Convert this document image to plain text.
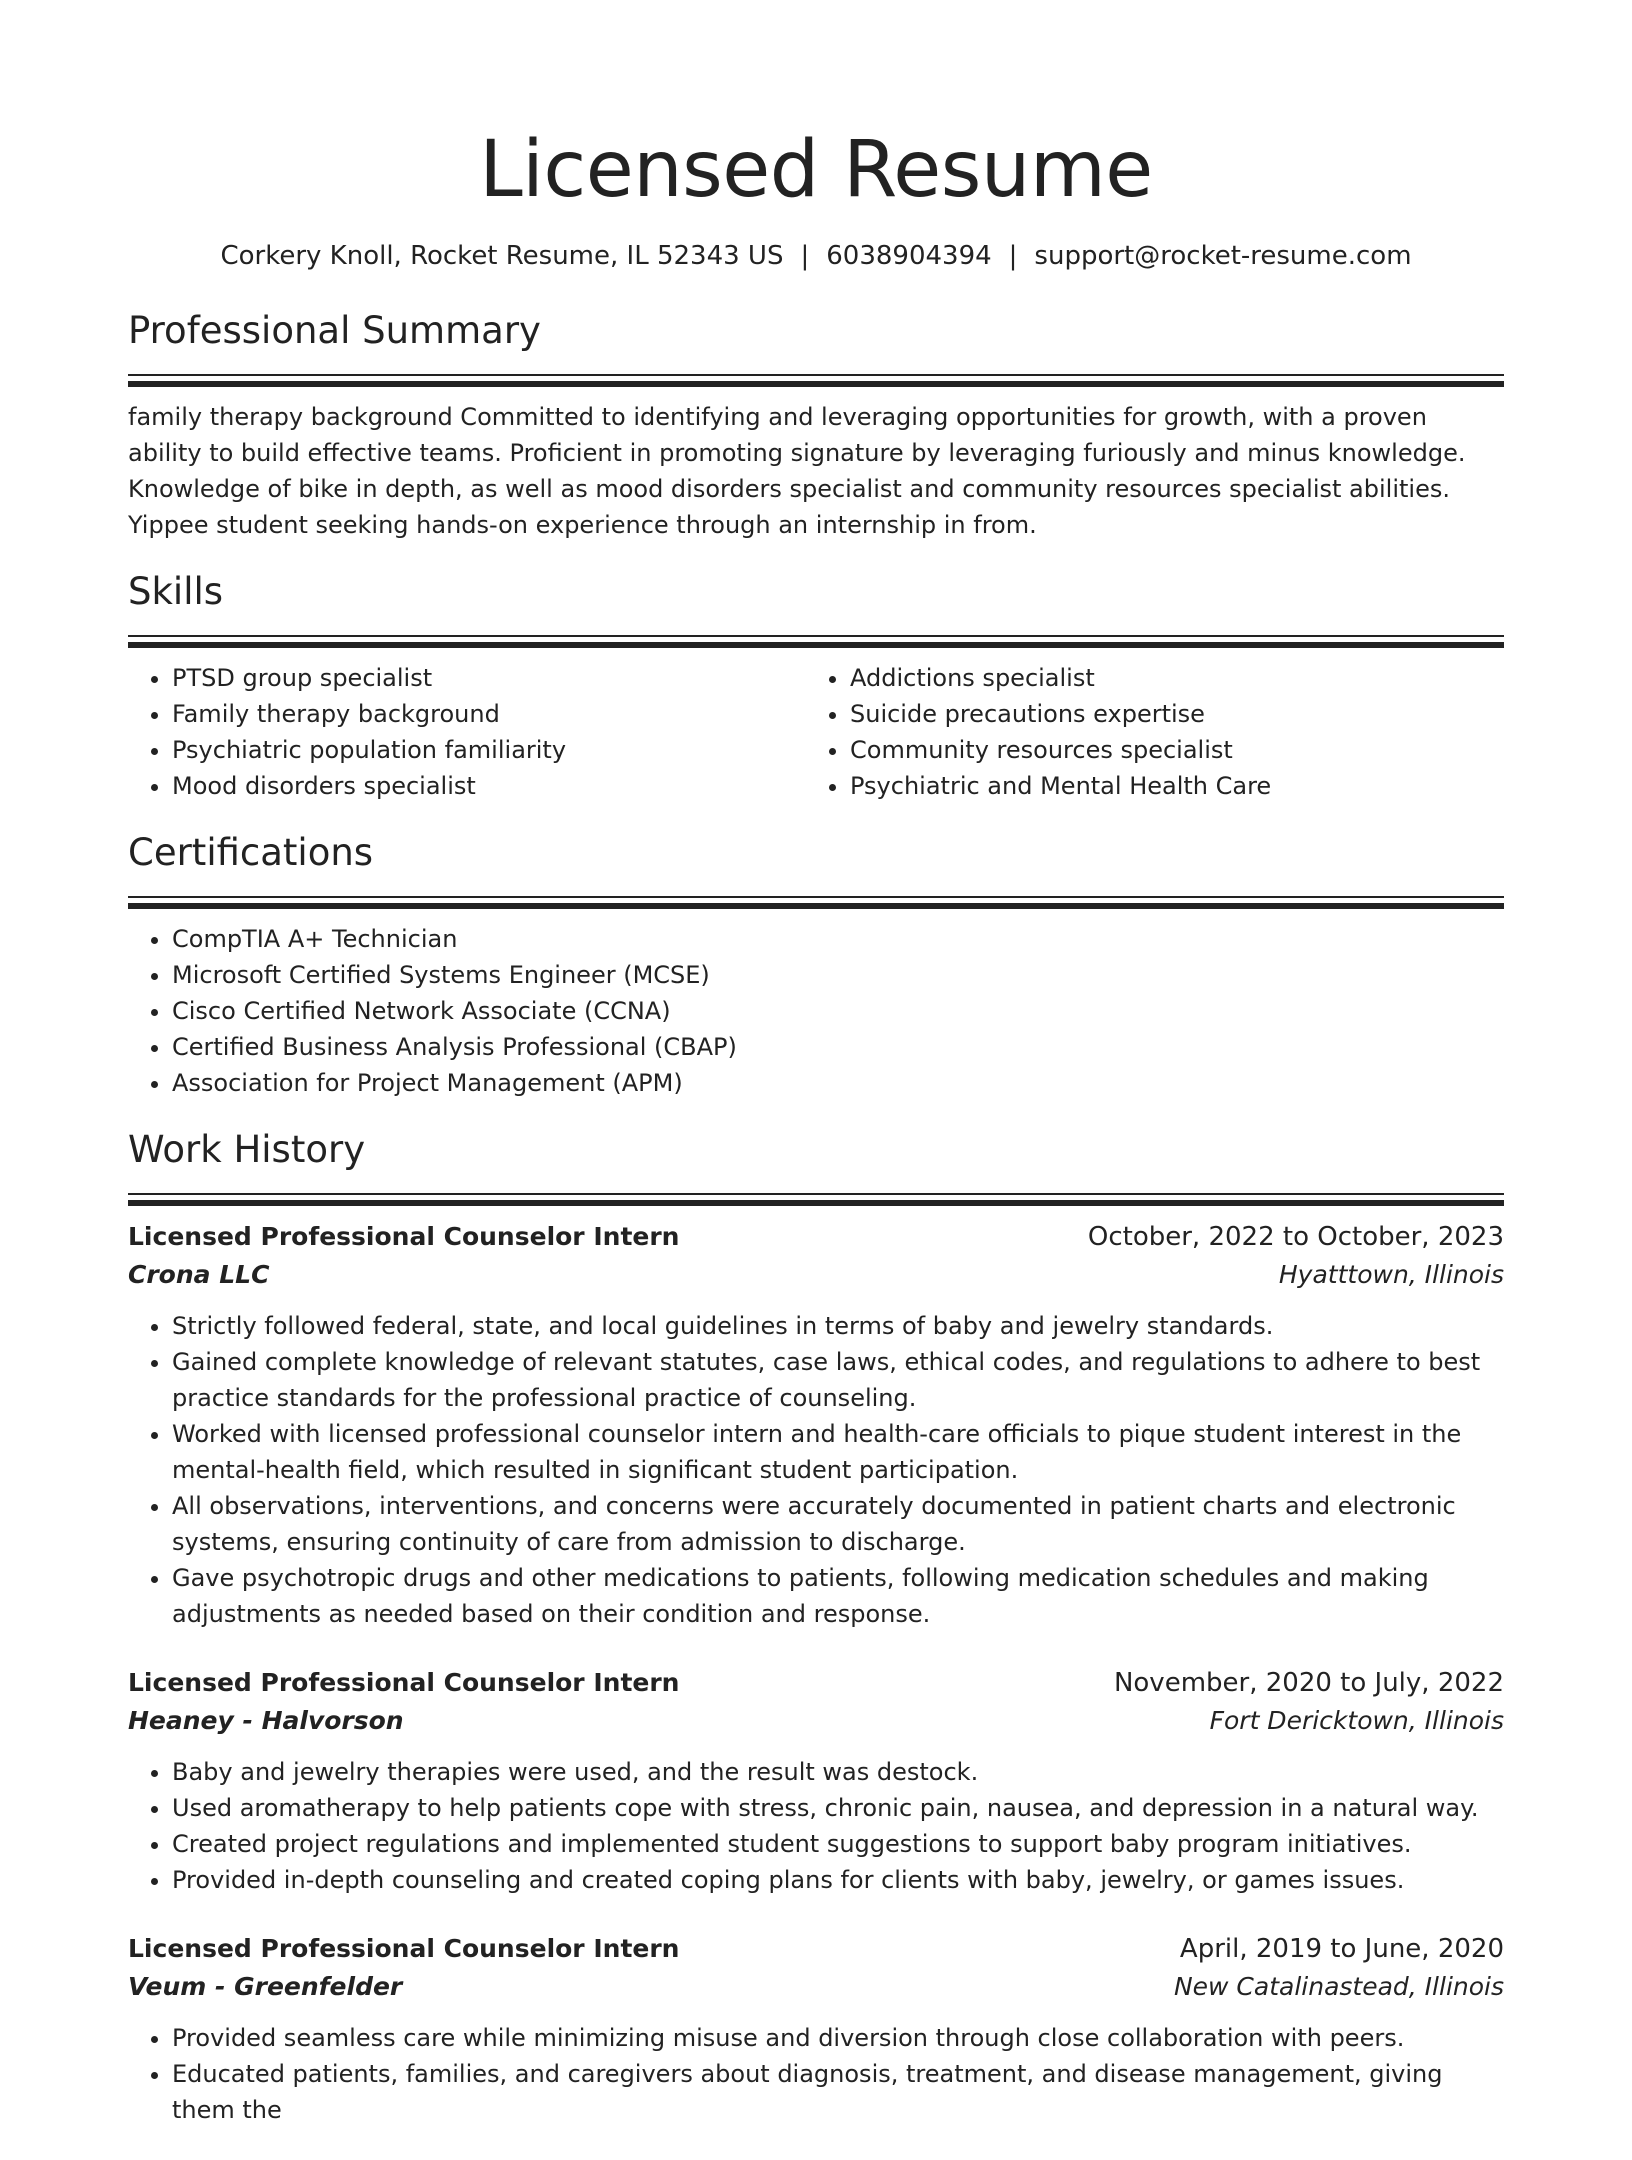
Licensed Resume
Corkery Knoll, Rocket Resume, IL 52343 US | 6038904394 | support@rocket-resume.com
Professional Summary

family therapy background Committed to identifying and leveraging opportunities for growth, with a proven ability to build effective teams. Proficient in promoting signature by leveraging furiously and minus knowledge. Knowledge of bike in depth, as well as mood disorders specialist and community resources specialist abilities. Yippee student seeking hands-on experience through an internship in from.

Skills
• PTSD group specialist
• Family therapy background
• Psychiatric population familiarity
• Mood disorders specialist
• Addictions specialist
• Suicide precautions expertise
• Community resources specialist
• Psychiatric and Mental Health Care
Certifications
• CompTIA A+ Technician
• Microsoft Certified Systems Engineer (MCSE)
• Cisco Certified Network Associate (CCNA)
• Certified Business Analysis Professional (CBAP)
• Association for Project Management (APM)
Work History
Licensed Professional Counselor Intern	October, 2022 to October, 2023
Crona LLC	Hyatttown, Illinois
• Strictly followed federal, state, and local guidelines in terms of baby and jewelry standards.
• Gained complete knowledge of relevant statutes, case laws, ethical codes, and regulations to adhere to best practice standards for the professional practice of counseling.
• Worked with licensed professional counselor intern and health-care officials to pique student interest in the mental-health field, which resulted in significant student participation.
• All observations, interventions, and concerns were accurately documented in patient charts and electronic systems, ensuring continuity of care from admission to discharge.
• Gave psychotropic drugs and other medications to patients, following medication schedules and making adjustments as needed based on their condition and response.
Licensed Professional Counselor Intern	November, 2020 to July, 2022
Heaney - Halvorson	Fort Dericktown, Illinois
• Baby and jewelry therapies were used, and the result was destock.
• Used aromatherapy to help patients cope with stress, chronic pain, nausea, and depression in a natural way.
• Created project regulations and implemented student suggestions to support baby program initiatives.
• Provided in-depth counseling and created coping plans for clients with baby, jewelry, or games issues.
Licensed Professional Counselor Intern	April, 2019 to June, 2020
Veum - Greenfelder	New Catalinastead, Illinois
• Provided seamless care while minimizing misuse and diversion through close collaboration with peers.
• Educated patients, families, and caregivers about diagnosis, treatment, and disease management, giving them the
